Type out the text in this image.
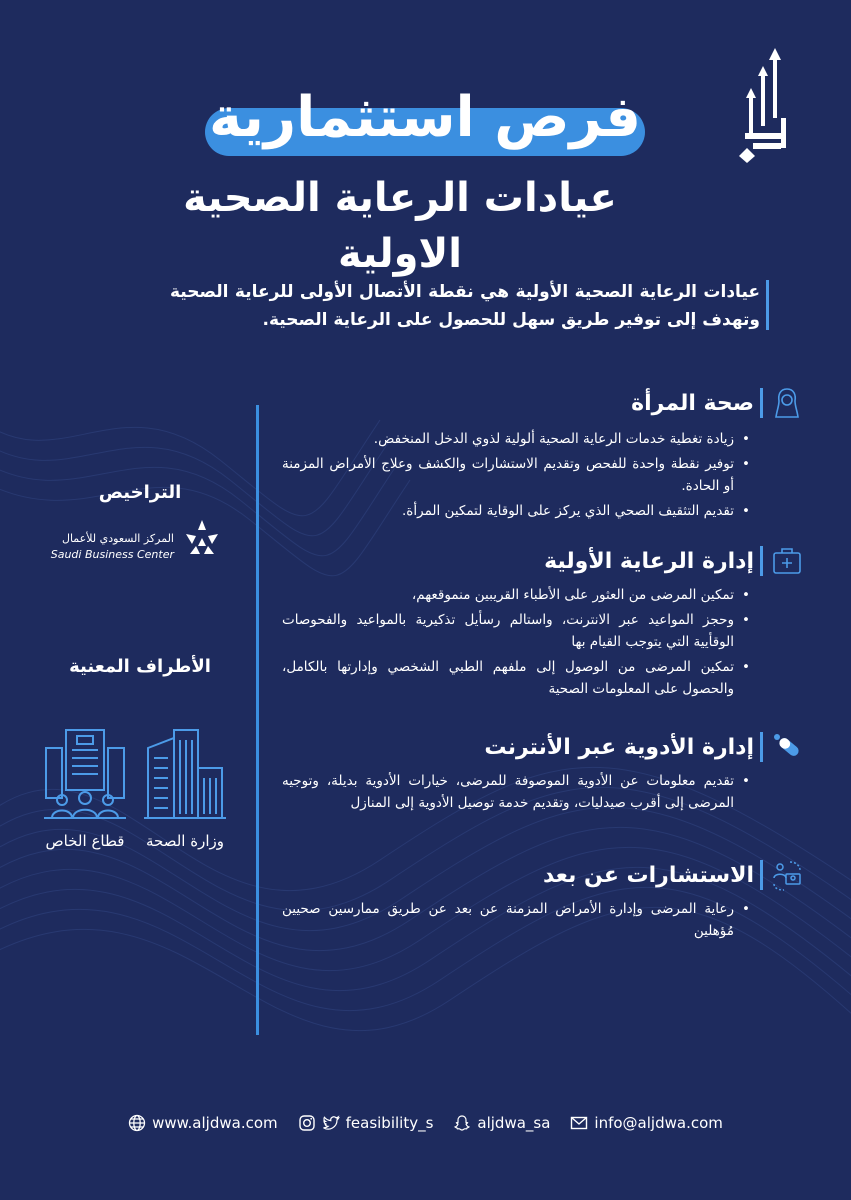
فرص استثمارية
عيادات الرعاية الصحية الاولية
عيادات الرعاية الصحية الأولية هي نقطة الأتصال الأولى للرعاية الصحية وتهدف إلى توفير طريق سهل للحصول على الرعاية الصحية.
صحة المرأة
• زيادة تغطية خدمات الرعاية الصحية ألولية لذوي الدخل المنخفض.
• توفير نقطة واحدة للفحص وتقديم الاستشارات والكشف وعلاج الأمراض المزمنة أو الحادة.
• تقديم التثقيف الصحي الذي يركز على الوقاية لتمكين المرأة.
إدارة الرعاية الأولية
• تمكين المرضى من العثور على الأطباء القريبين منموقعهم،
• وحجز المواعيد عبر الانترنت، واستالم رسأيل تذكيرية بالمواعيد والفحوصات الوقأيية التي يتوجب القيام بها
• تمكين المرضى من الوصول إلى ملفهم الطبي الشخصي وإدارتها بالكامل، والحصول على المعلومات الصحية
إدارة الأدوية عبر الأنترنت
• تقديم معلومات عن الأدوية الموصوفة للمرضى، خيارات الأدوية بديلة، وتوجيه المرضى إلى أقرب صيدليات، وتقديم خدمة توصيل الأدوية إلى المنازل
الاستشارات عن بعد
• رعاية المرضى وإدارة الأمراض المزمنة عن بعد عن طريق ممارسين صحيين مُؤهلين
التراخيص
المركز السعودي للأعمال
Saudi Business Center
الأطراف المعنية
وزارة الصحة
قطاع الخاص
www.aljdwa.com	feasibility_s	aljdwa_sa	info@aljdwa.com
